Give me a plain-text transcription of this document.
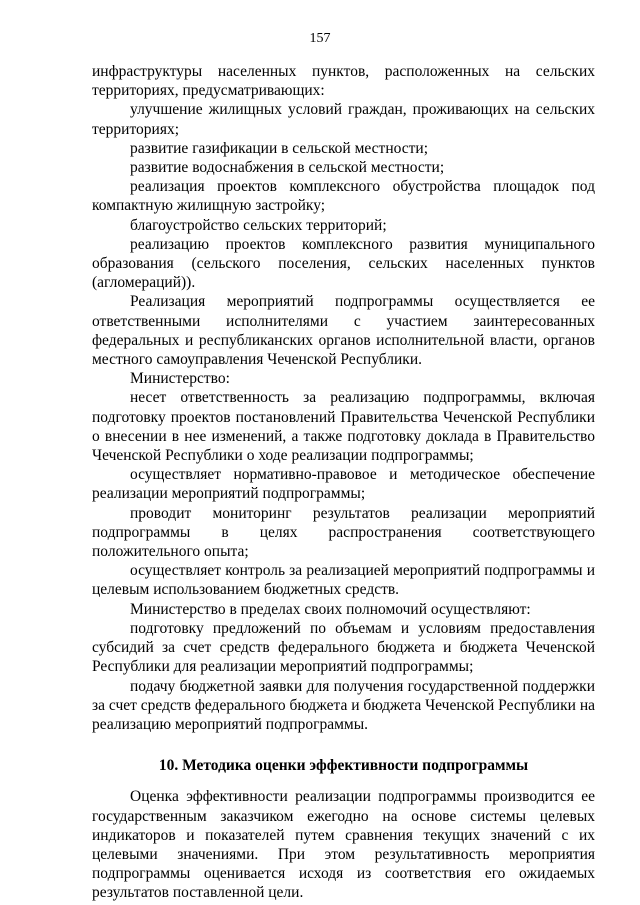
157

инфраструктуры населенных пунктов, расположенных на сельских территориях, предусматривающих:

улучшение жилищных условий граждан, проживающих на сельских территориях;

развитие газификации в сельской местности;

развитие водоснабжения в сельской местности;

реализация проектов комплексного обустройства площадок под компактную жилищную застройку;

благоустройство сельских территорий;

реализацию проектов комплексного развития муниципального образования (сельского поселения, сельских населенных пунктов (агломераций)).

Реализация мероприятий подпрограммы осуществляется ее ответственными исполнителями с участием заинтересованных федеральных и республиканских органов исполнительной власти, органов местного самоуправления Чеченской Республики.

Министерство:

несет ответственность за реализацию подпрограммы, включая подготовку проектов постановлений Правительства Чеченской Республики о внесении в нее изменений, а также подготовку доклада в Правительство Чеченской Республики о ходе реализации подпрограммы;

осуществляет нормативно-правовое и методическое обеспечение реализации мероприятий подпрограммы;

проводит мониторинг результатов реализации мероприятий подпрограммы в целях распространения соответствующего положительного опыта;

осуществляет контроль за реализацией мероприятий подпрограммы и целевым использованием бюджетных средств.

Министерство в пределах своих полномочий осуществляют:

подготовку предложений по объемам и условиям предоставления субсидий за счет средств федерального бюджета и бюджета Чеченской Республики для реализации мероприятий подпрограммы;

подачу бюджетной заявки для получения государственной поддержки за счет средств федерального бюджета и бюджета Чеченской Республики на реализацию мероприятий подпрограммы.

10. Методика оценки эффективности подпрограммы

Оценка эффективности реализации подпрограммы производится ее государственным заказчиком ежегодно на основе системы целевых индикаторов и показателей путем сравнения текущих значений с их целевыми значениями. При этом результативность мероприятия подпрограммы оценивается исходя из соответствия его ожидаемых результатов поставленной цели.
